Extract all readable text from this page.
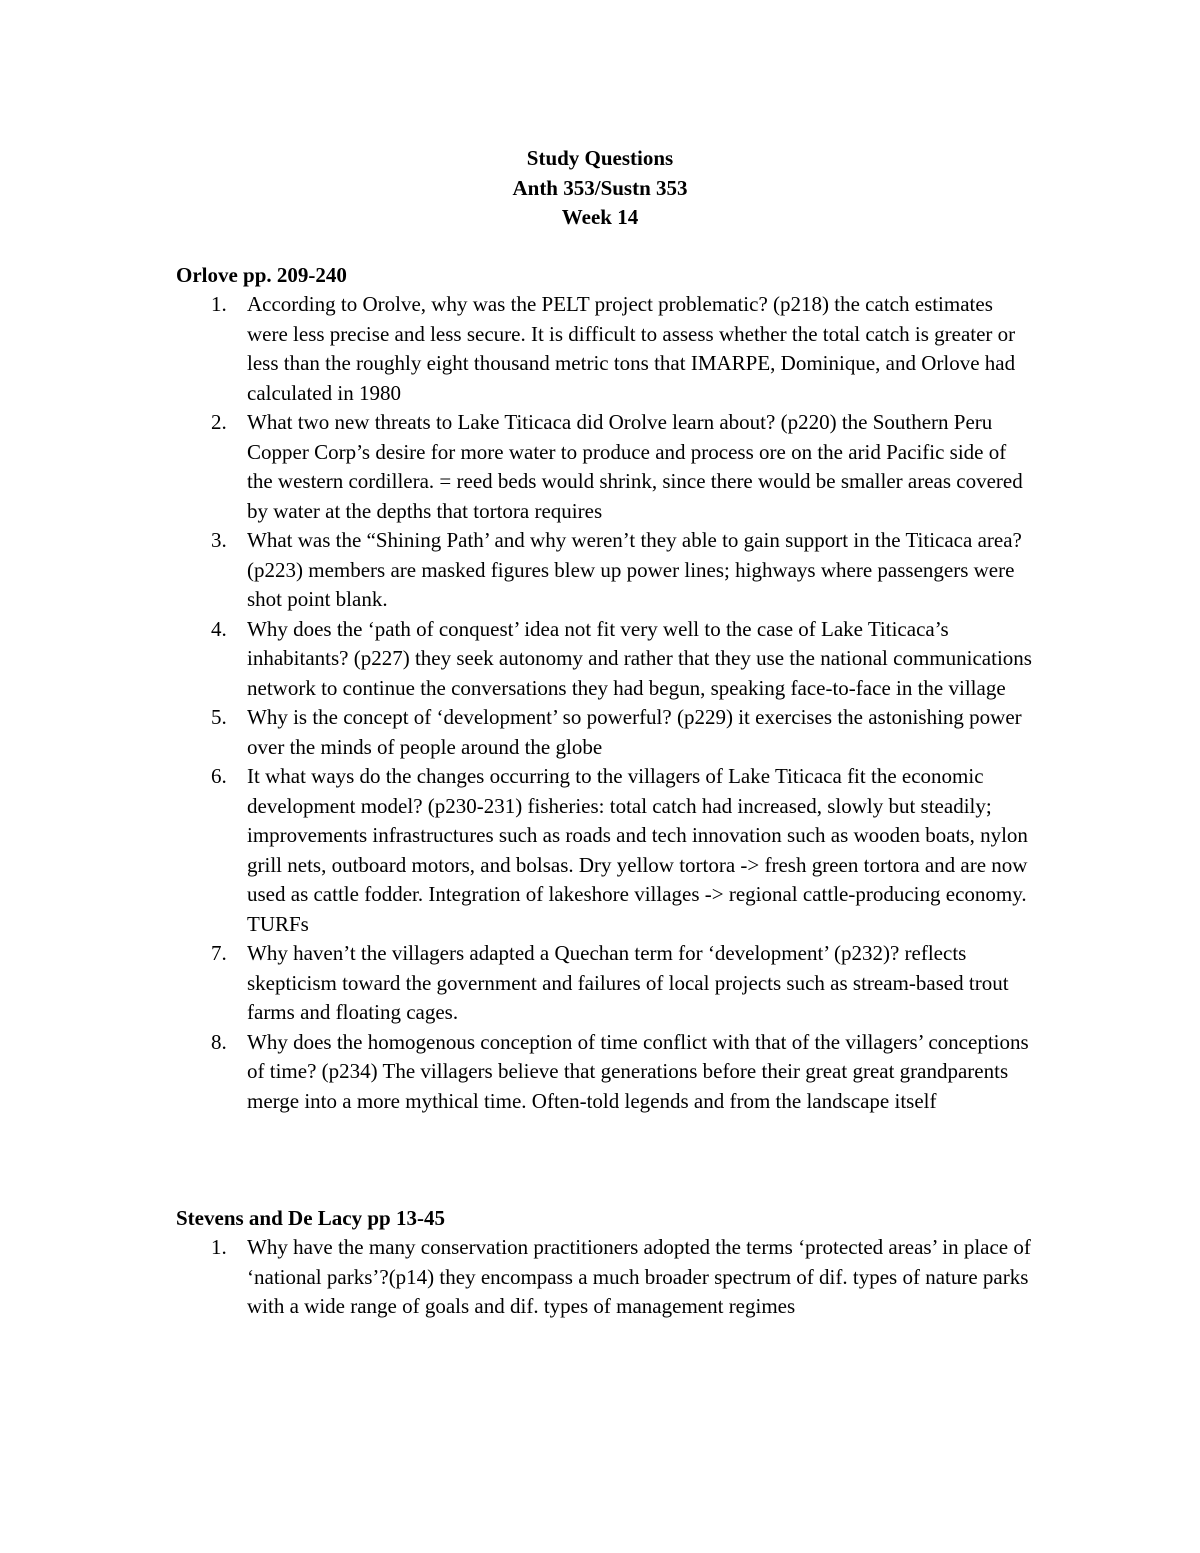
Study Questions
Anth 353/Sustn 353
Week 14
Orlove pp. 209-240
1. According to Orolve, why was the PELT project problematic? (p218) the catch estimates were less precise and less secure. It is difficult to assess whether the total catch is greater or less than the roughly eight thousand metric tons that IMARPE, Dominique, and Orlove had calculated in 1980
2. What two new threats to Lake Titicaca did Orolve learn about? (p220) the Southern Peru Copper Corp’s desire for more water to produce and process ore on the arid Pacific side of the western cordillera. = reed beds would shrink, since there would be smaller areas covered by water at the depths that tortora requires
3. What was the “Shining Path’ and why weren’t they able to gain support in the Titicaca area? (p223) members are masked figures blew up power lines; highways where passengers were shot point blank.
4. Why does the ‘path of conquest’ idea not fit very well to the case of Lake Titicaca’s inhabitants? (p227) they seek autonomy and rather that they use the national communications network to continue the conversations they had begun, speaking face-to-face in the village
5. Why is the concept of ‘development’ so powerful? (p229) it exercises the astonishing power over the minds of people around the globe
6. It what ways do the changes occurring to the villagers of Lake Titicaca fit the economic development model? (p230-231) fisheries: total catch had increased, slowly but steadily; improvements infrastructures such as roads and tech innovation such as wooden boats, nylon grill nets, outboard motors, and bolsas. Dry yellow tortora -> fresh green tortora and are now used as cattle fodder. Integration of lakeshore villages -> regional cattle-producing economy. TURFs
7. Why haven’t the villagers adapted a Quechan term for ‘development’ (p232)? reflects skepticism toward the government and failures of local projects such as stream-based trout farms and floating cages.
8. Why does the homogenous conception of time conflict with that of the villagers’ conceptions of time? (p234) The villagers believe that generations before their great great grandparents merge into a more mythical time. Often-told legends and from the landscape itself
Stevens and De Lacy pp 13-45
1. Why have the many conservation practitioners adopted the terms ‘protected areas’ in place of ‘national parks’?(p14) they encompass a much broader spectrum of dif. types of nature parks with a wide range of goals and dif. types of management regimes
